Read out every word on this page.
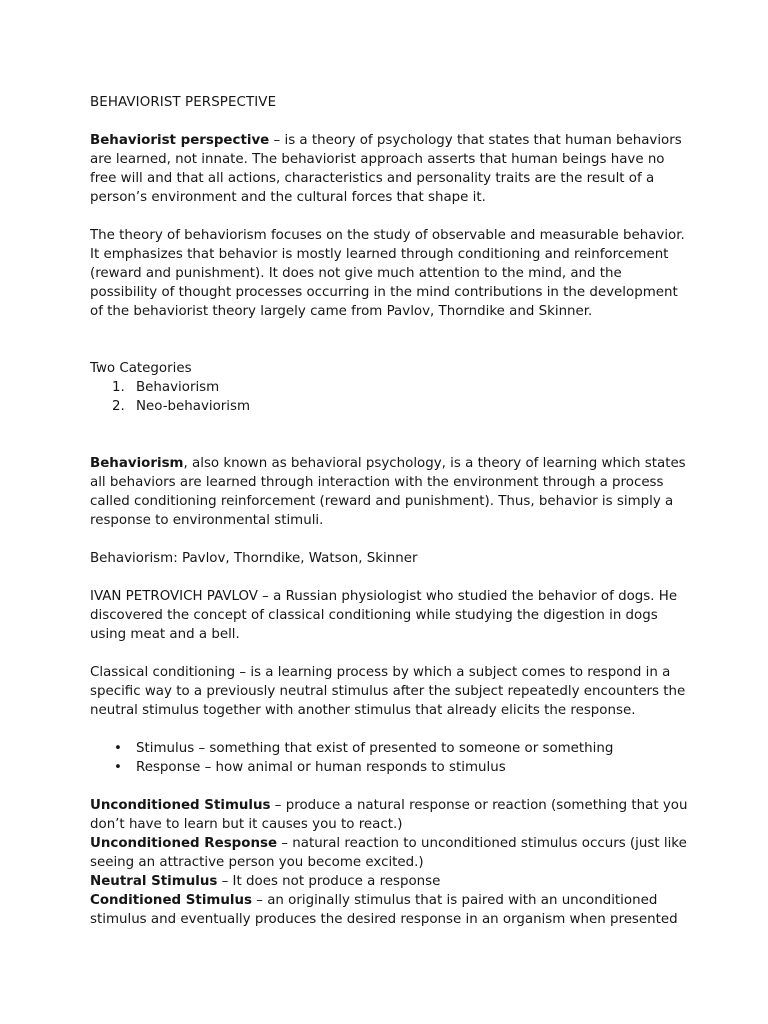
BEHAVIORIST PERSPECTIVE

Behaviorist perspective – is a theory of psychology that states that human behaviors are learned, not innate. The behaviorist approach asserts that human beings have no free will and that all actions, characteristics and personality traits are the result of a person’s environment and the cultural forces that shape it.

The theory of behaviorism focuses on the study of observable and measurable behavior. It emphasizes that behavior is mostly learned through conditioning and reinforcement (reward and punishment). It does not give much attention to the mind, and the possibility of thought processes occurring in the mind contributions in the development of the behaviorist theory largely came from Pavlov, Thorndike and Skinner.

Two Categories

1. Behaviorism
2. Neo-behaviorism

Behaviorism, also known as behavioral psychology, is a theory of learning which states all behaviors are learned through interaction with the environment through a process called conditioning reinforcement (reward and punishment). Thus, behavior is simply a response to environmental stimuli.

Behaviorism: Pavlov, Thorndike, Watson, Skinner

IVAN PETROVICH PAVLOV – a Russian physiologist who studied the behavior of dogs. He discovered the concept of classical conditioning while studying the digestion in dogs using meat and a bell.

Classical conditioning – is a learning process by which a subject comes to respond in a specific way to a previously neutral stimulus after the subject repeatedly encounters the neutral stimulus together with another stimulus that already elicits the response.

• Stimulus – something that exist of presented to someone or something
• Response – how animal or human responds to stimulus

Unconditioned Stimulus – produce a natural response or reaction (something that you don’t have to learn but it causes you to react.)

Unconditioned Response – natural reaction to unconditioned stimulus occurs (just like seeing an attractive person you become excited.)

Neutral Stimulus – It does not produce a response

Conditioned Stimulus – an originally stimulus that is paired with an unconditioned stimulus and eventually produces the desired response in an organism when presented
